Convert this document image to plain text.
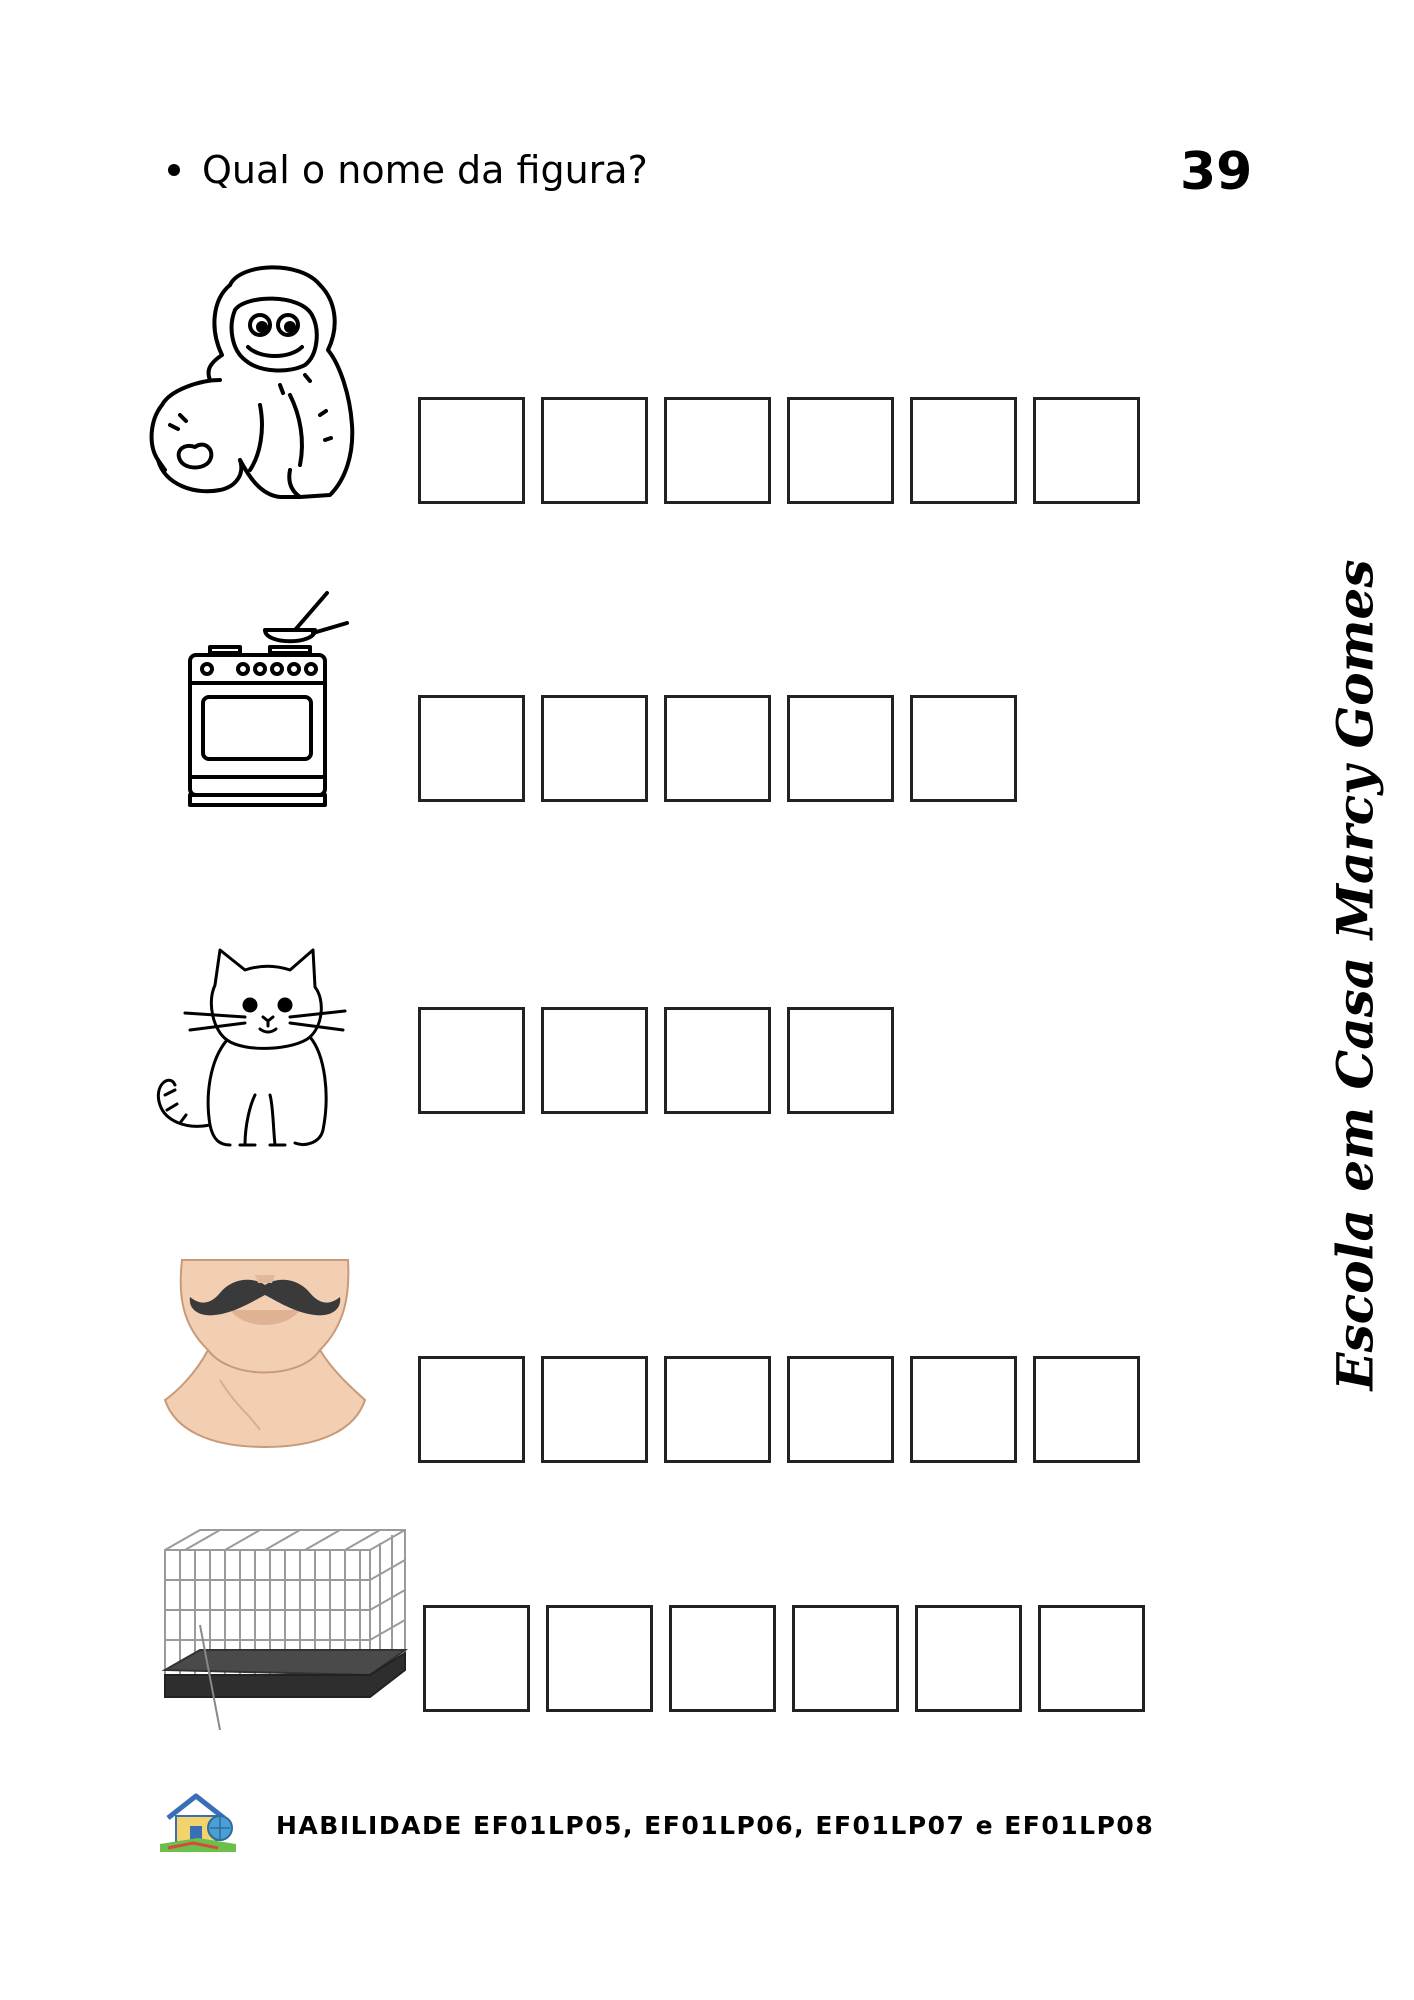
Qual o nome da figura?	39
Escola em Casa Marcy Gomes
HABILIDADE EF01LP05, EF01LP06, EF01LP07 e EF01LP08
